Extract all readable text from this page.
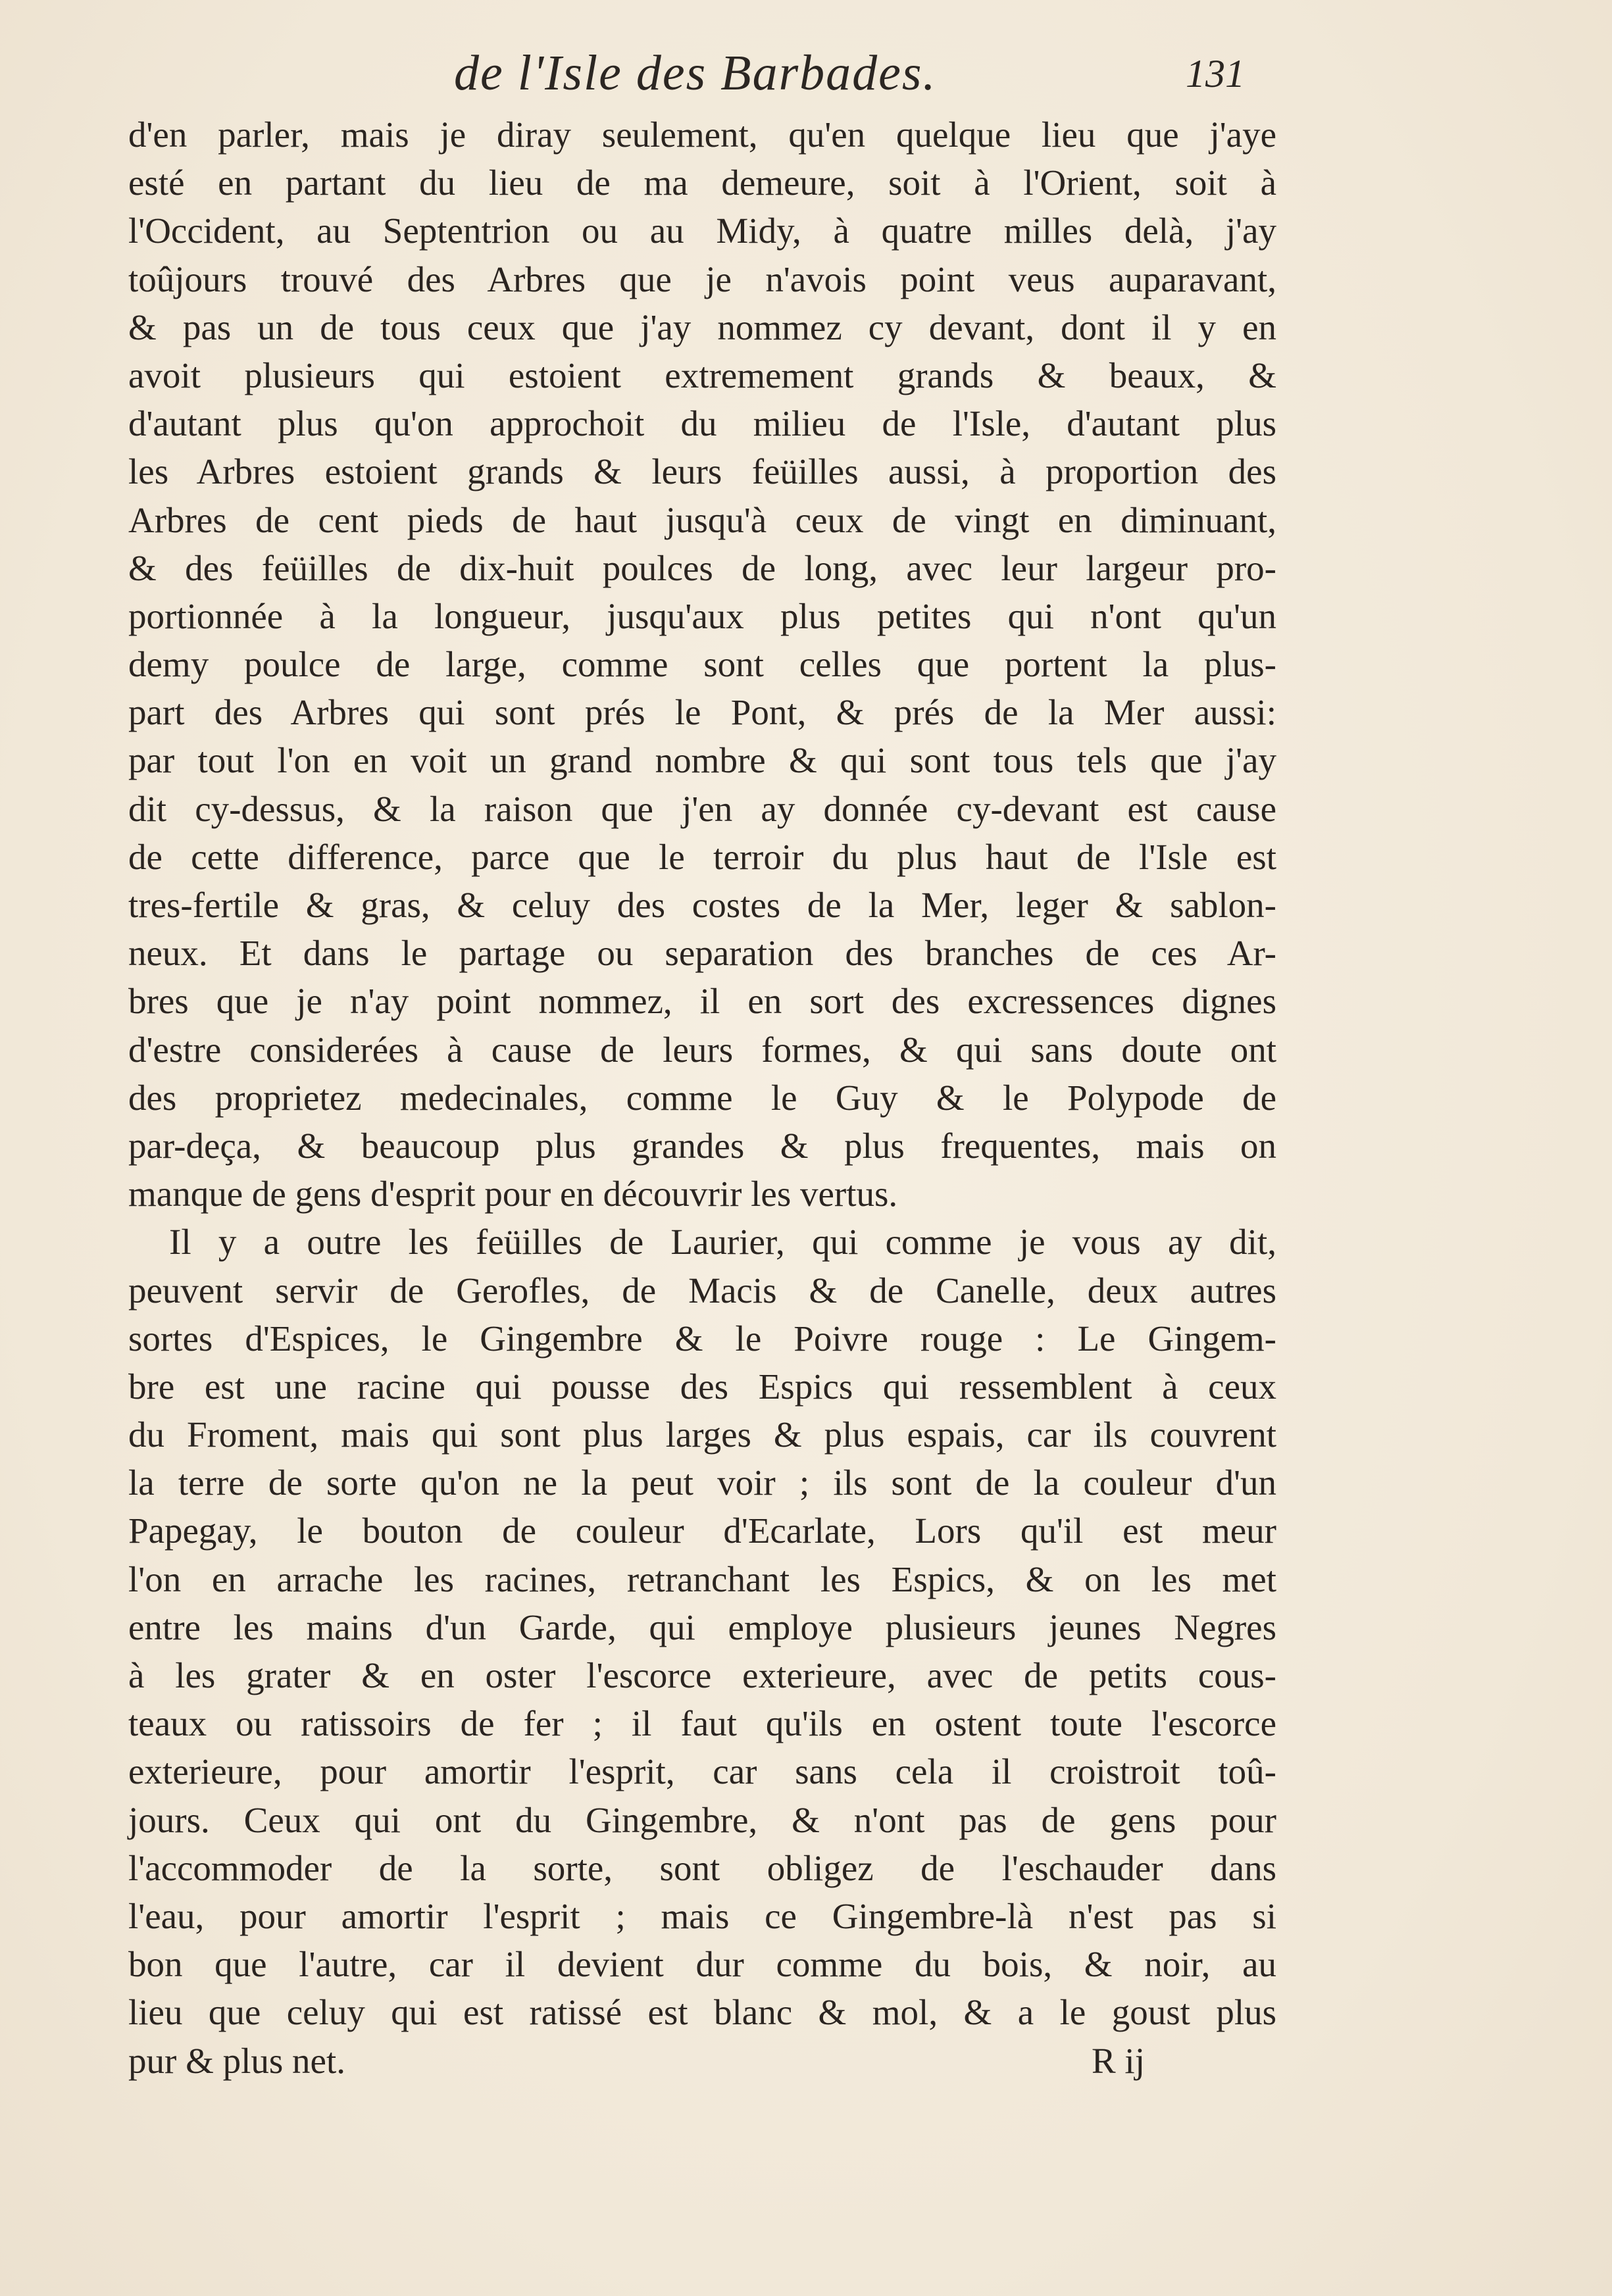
de l'Isle des Barbades.	131
d'en parler, mais je diray seulement, qu'en quelque lieu que j'aye
esté en partant du lieu de ma demeure, soit à l'Orient, soit à
l'Occident, au Septentrion ou au Midy, à quatre milles delà, j'ay
toûjours trouvé des Arbres que je n'avois point veus auparavant,
& pas un de tous ceux que j'ay nommez cy devant, dont il y en
avoit plusieurs qui estoient extremement grands & beaux, &
d'autant plus qu'on approchoit du milieu de l'Isle, d'autant plus
les Arbres estoient grands & leurs feüilles aussi, à proportion des
Arbres de cent pieds de haut jusqu'à ceux de vingt en diminuant,
& des feüilles de dix-huit poulces de long, avec leur largeur pro-
portionnée à la longueur, jusqu'aux plus petites qui n'ont qu'un
demy poulce de large, comme sont celles que portent la plus-
part des Arbres qui sont prés le Pont, & prés de la Mer aussi:
par tout l'on en voit un grand nombre & qui sont tous tels que j'ay
dit cy-dessus, & la raison que j'en ay donnée cy-devant est cause
de cette difference, parce que le terroir du plus haut de l'Isle est
tres-fertile & gras, & celuy des costes de la Mer, leger & sablon-
neux. Et dans le partage ou separation des branches de ces Ar-
bres que je n'ay point nommez, il en sort des excressences dignes
d'estre considerées à cause de leurs formes, & qui sans doute ont
des proprietez medecinales, comme le Guy & le Polypode de
par-deça, & beaucoup plus grandes & plus frequentes, mais on
manque de gens d'esprit pour en découvrir les vertus.
Il y a outre les feüilles de Laurier, qui comme je vous ay dit,
peuvent servir de Gerofles, de Macis & de Canelle, deux autres
sortes d'Espices, le Gingembre & le Poivre rouge : Le Gingem-
bre est une racine qui pousse des Espics qui ressemblent à ceux
du Froment, mais qui sont plus larges & plus espais, car ils couvrent
la terre de sorte qu'on ne la peut voir ; ils sont de la couleur d'un
Papegay, le bouton de couleur d'Ecarlate, Lors qu'il est meur
l'on en arrache les racines, retranchant les Espics, & on les met
entre les mains d'un Garde, qui employe plusieurs jeunes Negres
à les grater & en oster l'escorce exterieure, avec de petits cous-
teaux ou ratissoirs de fer ; il faut qu'ils en ostent toute l'escorce
exterieure, pour amortir l'esprit, car sans cela il croistroit toû-
jours. Ceux qui ont du Gingembre, & n'ont pas de gens pour
l'accommoder de la sorte, sont obligez de l'eschauder dans
l'eau, pour amortir l'esprit ; mais ce Gingembre-là n'est pas si
bon que l'autre, car il devient dur comme du bois, & noir, au
lieu que celuy qui est ratissé est blanc & mol, & a le goust plus
pur & plus net.	R ij
